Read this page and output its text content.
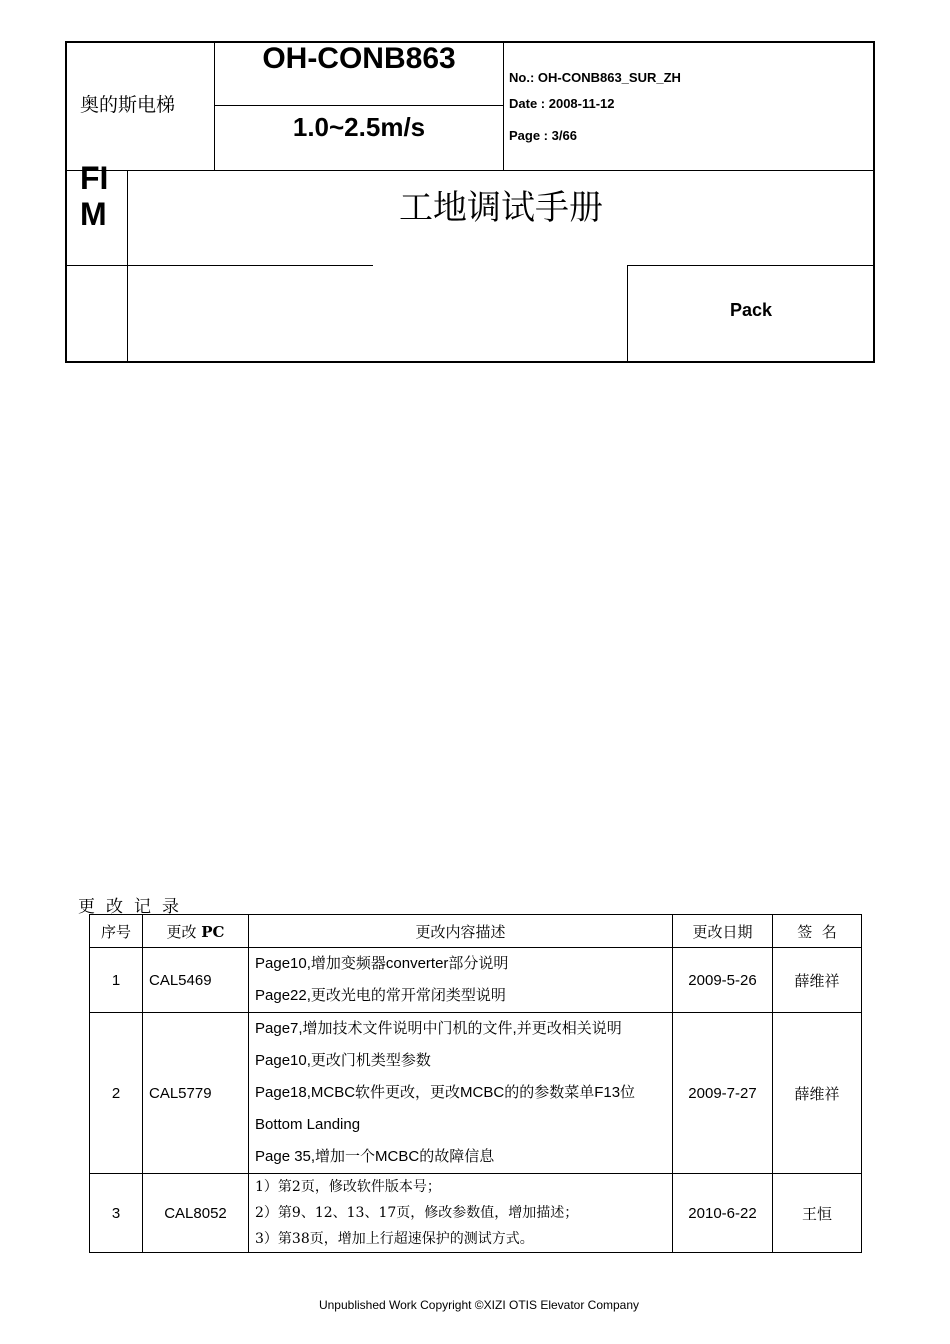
奥的斯电梯
OH-CONB863
1.0~2.5m/s
No.: OH-CONB863_SUR_ZH
Date : 2008-11-12
Page : 3/66
FI
M	工地调试手册
Pack
更改记录
序号	更改 PC	更改内容描述	更改日期	签  名
1	CAL5469	Page10,增加变频器converter部分说明
Page22,更改光电的常开常闭类型说明	2009-5-26	薛维祥
2	CAL5779	Page7,增加技术文件说明中门机的文件,并更改相关说明
Page10,更改门机类型参数
Page18,MCBC软件更改，更改MCBC的的参数菜单F13位
Bottom Landing
Page 35,增加一个MCBC的故障信息	2009-7-27	薛维祥
3	CAL8052	1）第2页，修改软件版本号；
2）第9、12、13、17页，修改参数值，增加描述；
3）第38页，增加上行超速保护的测试方式。	2010-6-22	王恒
Unpublished Work Copyright ©XIZI OTIS Elevator Company
